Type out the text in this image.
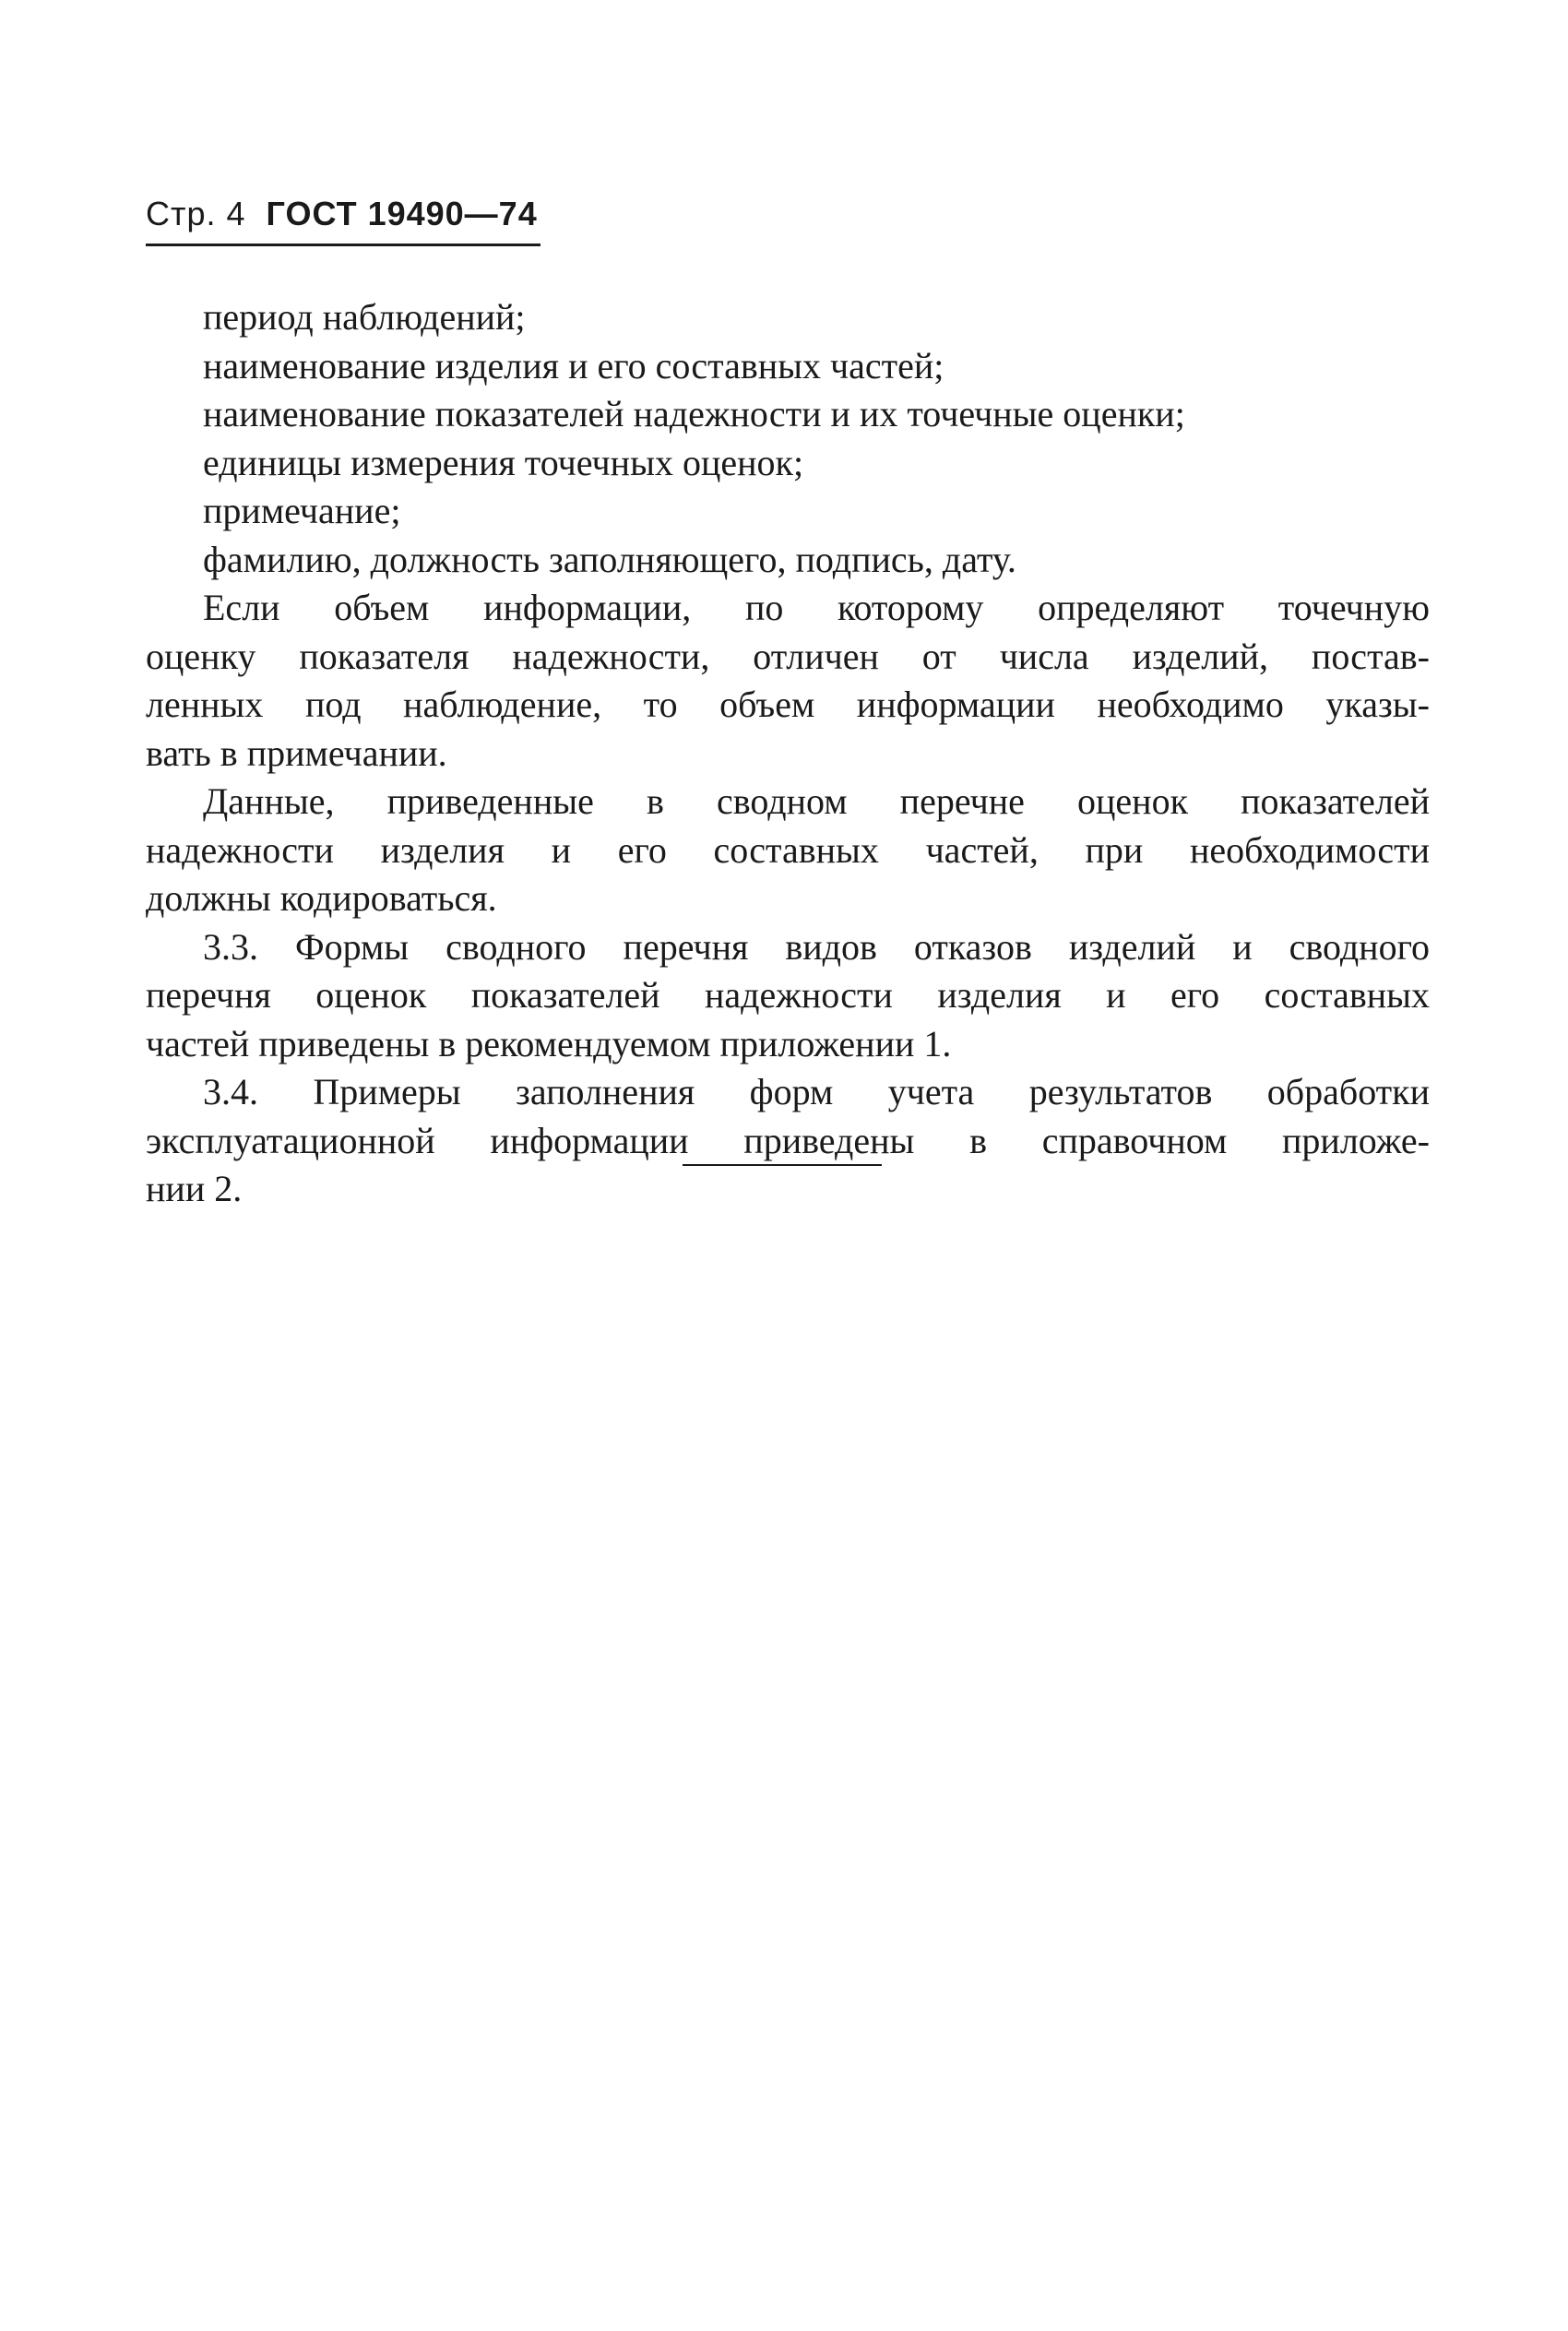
Стр. 4 ГОСТ 19490—74
период наблюдений;
наименование изделия и его составных частей;
наименование показателей надежности и их точечные оценки;
единицы измерения точечных оценок;
примечание;
фамилию, должность заполняющего, подпись, дату.
Если объем информации, по которому определяют точечную
оценку показателя надежности, отличен от числа изделий, постав-
ленных под наблюдение, то объем информации необходимо указы-
вать в примечании.
Данные, приведенные в сводном перечне оценок показателей
надежности изделия и его составных частей, при необходимости
должны кодироваться.
3.3. Формы сводного перечня видов отказов изделий и сводного
перечня оценок показателей надежности изделия и его составных
частей приведены в рекомендуемом приложении 1.
3.4. Примеры заполнения форм учета результатов обработки
эксплуатационной информации приведены в справочном приложе-
нии 2.
